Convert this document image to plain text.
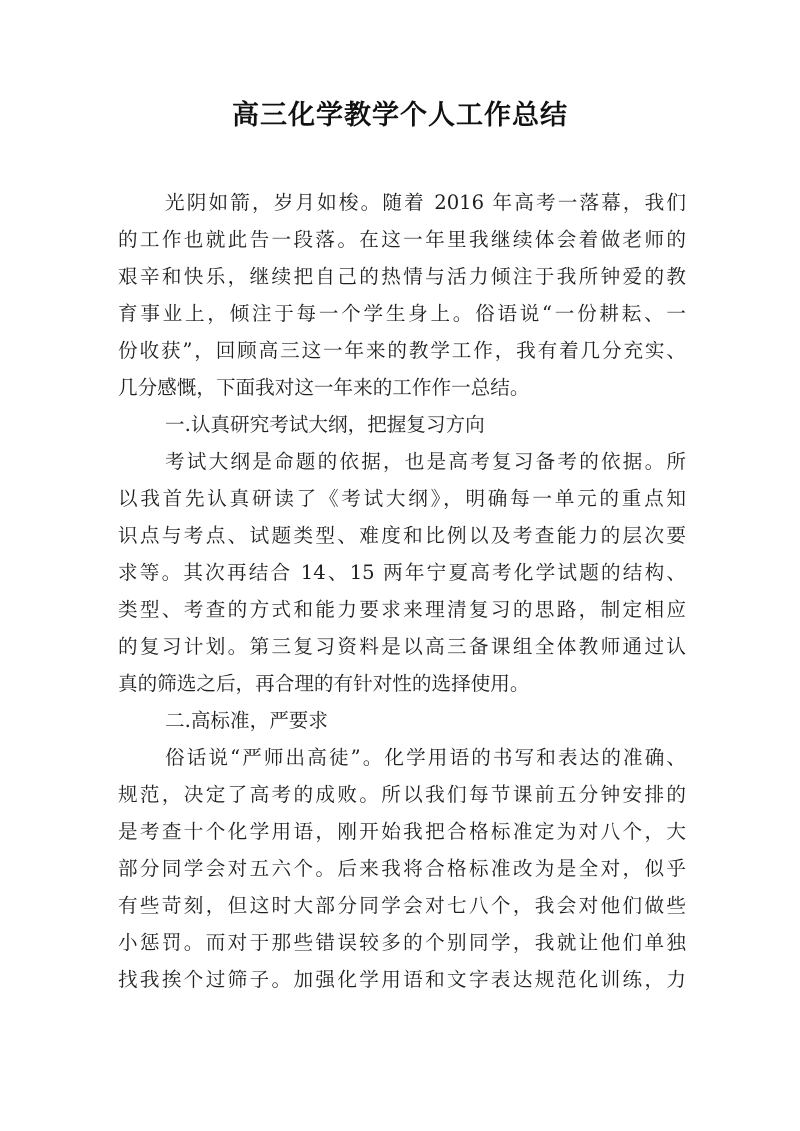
高三化学教学个人工作总结
光阴如箭，岁月如梭。随着 2016 年高考一落幕，我们
的工作也就此告一段落。在这一年里我继续体会着做老师的
艰辛和快乐，继续把自己的热情与活力倾注于我所钟爱的教
育事业上，倾注于每一个学生身上。俗语说“一份耕耘、一
份收获”，回顾高三这一年来的教学工作，我有着几分充实、
几分感慨，下面我对这一年来的工作作一总结。
一.认真研究考试大纲，把握复习方向
考试大纲是命题的依据，也是高考复习备考的依据。所
以我首先认真研读了《考试大纲》，明确每一单元的重点知
识点与考点、试题类型、难度和比例以及考查能力的层次要
求等。其次再结合 14、15 两年宁夏高考化学试题的结构、
类型、考查的方式和能力要求来理清复习的思路，制定相应
的复习计划。第三复习资料是以高三备课组全体教师通过认
真的筛选之后，再合理的有针对性的选择使用。
二.高标准，严要求
俗话说“严师出高徒”。化学用语的书写和表达的准确、
规范，决定了高考的成败。所以我们每节课前五分钟安排的
是考查十个化学用语，刚开始我把合格标准定为对八个，大
部分同学会对五六个。后来我将合格标准改为是全对，似乎
有些苛刻，但这时大部分同学会对七八个，我会对他们做些
小惩罚。而对于那些错误较多的个别同学，我就让他们单独
找我挨个过筛子。加强化学用语和文字表达规范化训练，力
